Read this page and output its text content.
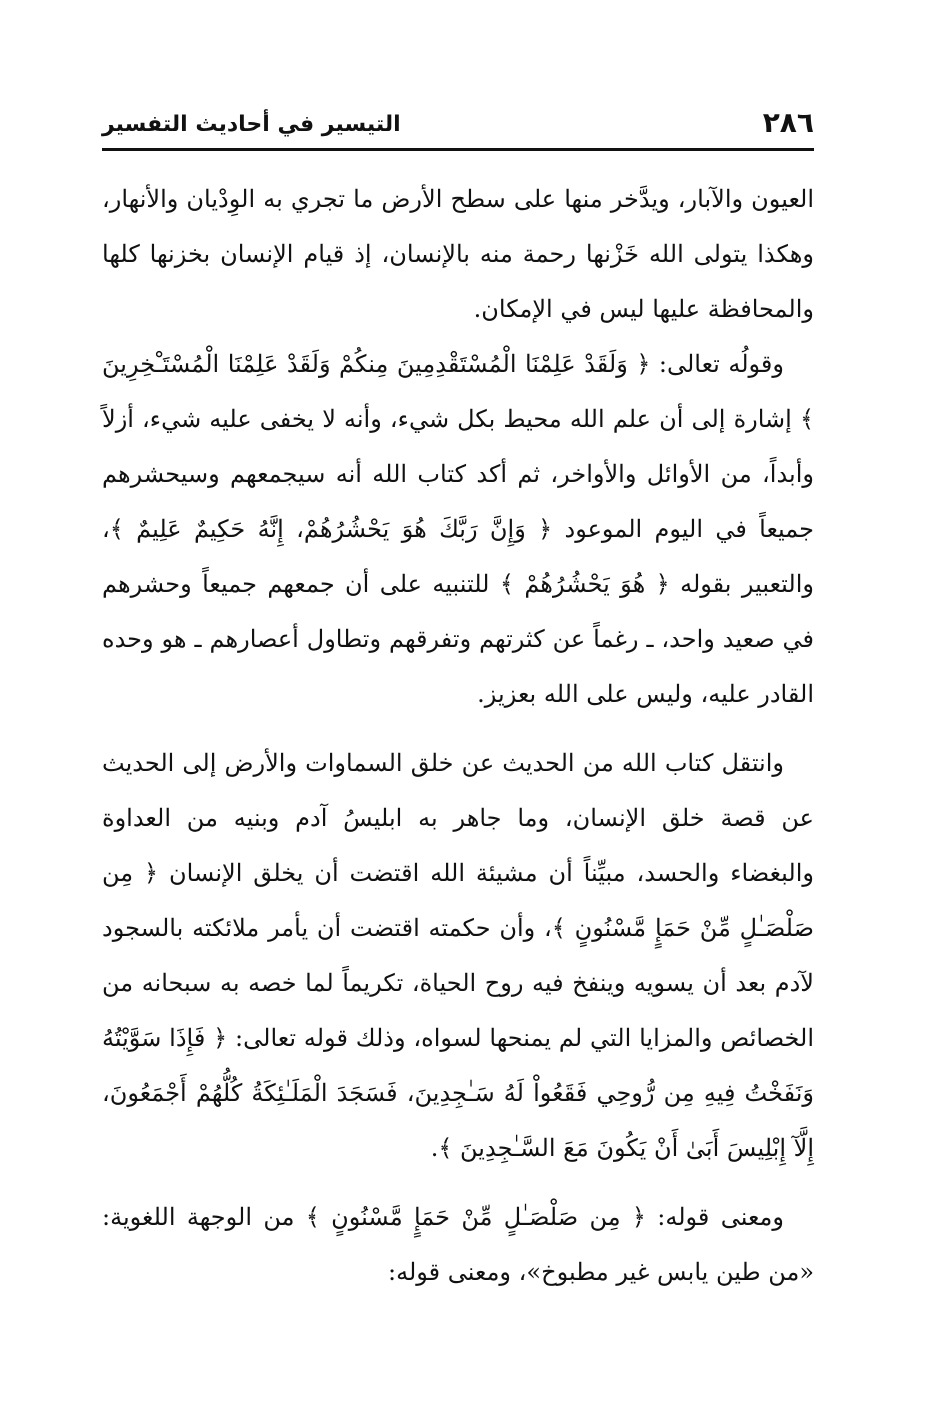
٢٨٦
التيسير في أحاديث التفسير

العيون والآبار، ويدَّخر منها على سطح الأرض ما تجري به الوِدْيان والأنهار، وهكذا يتولى الله خَزْنها رحمة منه بالإنسان، إذ قيام الإنسان بخزنها كلها والمحافظة عليها ليس في الإمكان.

وقولُه تعالى: ﴿ وَلَقَدْ عَلِمْنَا الْمُسْتَقْدِمِينَ مِنكُمْ وَلَقَدْ عَلِمْنَا الْمُسْتَـْخِرِينَ ﴾ إشارة إلى أن علم الله محيط بكل شيء، وأنه لا يخفى عليه شيء، أزلاً وأبداً، من الأوائل والأواخر، ثم أكد كتاب الله أنه سيجمعهم وسيحشرهم جميعاً في اليوم الموعود ﴿ وَإِنَّ رَبَّكَ هُوَ يَحْشُرُهُمْ، إِنَّهُ حَكِيمٌ عَلِيمٌ ﴾، والتعبير بقوله ﴿ هُوَ يَحْشُرُهُمْ ﴾ للتنبيه على أن جمعهم جميعاً وحشرهم في صعيد واحد، ـ رغماً عن كثرتهم وتفرقهم وتطاول أعصارهم ـ هو وحده القادر عليه، وليس على الله بعزيز.

وانتقل كتاب الله من الحديث عن خلق السماوات والأرض إلى الحديث عن قصة خلق الإنسان، وما جاهر به ابليسُ آدم وبنيه من العداوة والبغضاء والحسد، مبيِّناً أن مشيئة الله اقتضت أن يخلق الإنسان ﴿ مِن صَلْصَـٰلٍ مِّنْ حَمَإٍ مَّسْنُونٍ ﴾، وأن حكمته اقتضت أن يأمر ملائكته بالسجود لآدم بعد أن يسويه وينفخ فيه روح الحياة، تكريماً لما خصه به سبحانه من الخصائص والمزايا التي لم يمنحها لسواه، وذلك قوله تعالى: ﴿ فَإِذَا سَوَّيْتُهُ وَنَفَخْتُ فِيهِ مِن رُّوحِي فَقَعُواْ لَهُ سَـٰجِدِينَ، فَسَجَدَ الْمَلَـٰئِكَةُ كُلُّهُمْ أَجْمَعُونَ، إِلَّآ إِبْلِيسَ أَبَىٰ أَنْ يَكُونَ مَعَ السَّـٰجِدِينَ ﴾.

ومعنى قوله: ﴿ مِن صَلْصَـٰلٍ مِّنْ حَمَإٍ مَّسْنُونٍ ﴾ من الوجهة اللغوية: «من طين يابس غير مطبوخ»، ومعنى قوله:
